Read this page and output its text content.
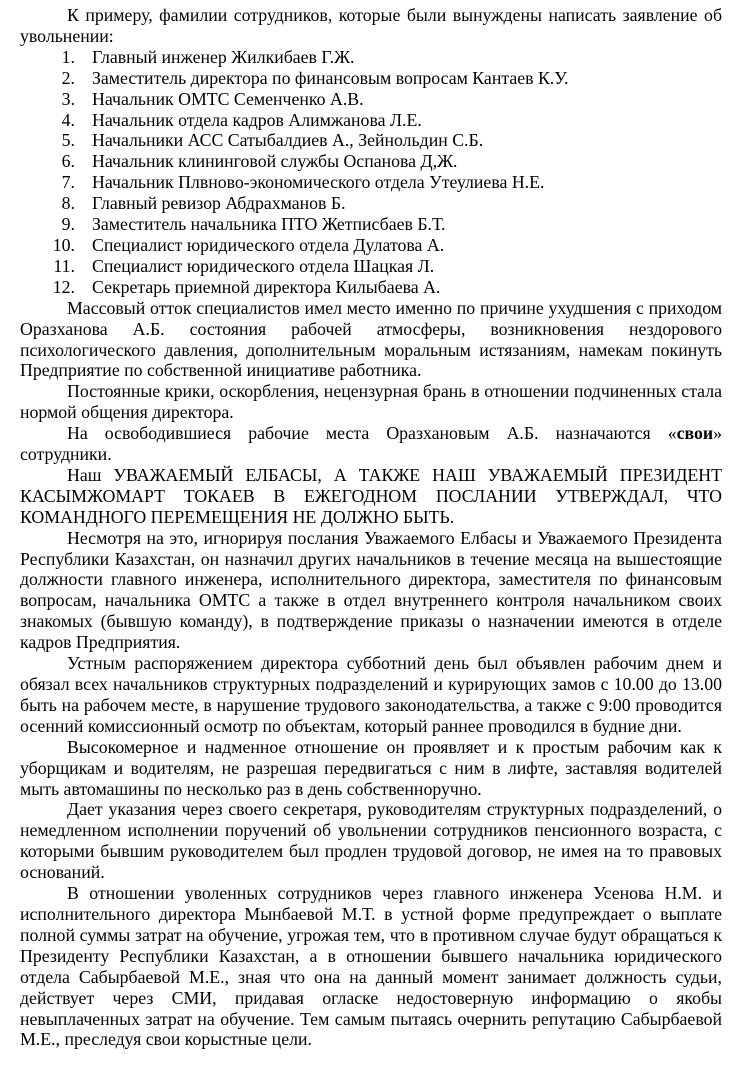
К примеру, фамилии сотрудников, которые были вынуждены написать заявление об увольнении:

1. Главный инженер Жилкибаев Г.Ж.
2. Заместитель директора по финансовым вопросам Кантаев К.У.
3. Начальник ОМТС Семенченко А.В.
4. Начальник отдела кадров Алимжанова Л.Е.
5. Начальники АСС Сатыбалдиев А., Зейнольдин С.Б.
6. Начальник клининговой службы Оспанова Д,Ж.
7. Начальник Плвново-экономического отдела Утеулиева Н.Е.
8. Главный ревизор Абдрахманов Б.
9. Заместитель начальника ПТО Жетписбаев Б.Т.
10. Специалист юридического отдела Дулатова А.
11. Специалист юридического отдела Шацкая Л.
12. Секретарь приемной директора Килыбаева А.

Массовый отток специалистов имел место именно по причине ухудшения с приходом Оразханова А.Б. состояния рабочей атмосферы, возникновения нездорового психологического давления, дополнительным моральным истязаниям, намекам покинуть Предприятие по собственной инициативе работника.

Постоянные крики, оскорбления, нецензурная брань в отношении подчиненных стала нормой общения директора.

На освободившиеся рабочие места Оразхановым А.Б. назначаются «свои» сотрудники.

Наш УВАЖАЕМЫЙ ЕЛБАСЫ, А ТАКЖЕ НАШ УВАЖАЕМЫЙ ПРЕЗИДЕНТ КАСЫМЖОМАРТ ТОКАЕВ В ЕЖЕГОДНОМ ПОСЛАНИИ УТВЕРЖДАЛ, ЧТО КОМАНДНОГО ПЕРЕМЕЩЕНИЯ НЕ ДОЛЖНО БЫТЬ.

Несмотря на это, игнорируя послания Уважаемого Елбасы и Уважаемого Президента Республики Казахстан, он назначил других начальников в течение месяца на вышестоящие должности главного инженера, исполнительного директора, заместителя по финансовым вопросам, начальника ОМТС а также в отдел внутреннего контроля начальником своих знакомых (бывшую команду), в подтверждение приказы о назначении имеются в отделе кадров Предприятия.

Устным распоряжением директора субботний день был объявлен рабочим днем и обязал всех начальников структурных подразделений и курирующих замов с 10.00 до 13.00 быть на рабочем месте, в нарушение трудового законодательства, а также с 9:00 проводится осенний комиссионный осмотр по объектам, который раннее проводился в будние дни.

Высокомерное и надменное отношение он проявляет и к простым рабочим как к уборщикам и водителям, не разрешая передвигаться с ним в лифте, заставляя водителей мыть автомашины по несколько раз в день собственноручно.

Дает указания через своего секретаря, руководителям структурных подразделений, о немедленном исполнении поручений об увольнении сотрудников пенсионного возраста, с которыми бывшим руководителем был продлен трудовой договор, не имея на то правовых оснований.

В отношении уволенных сотрудников через главного инженера Усенова Н.М. и исполнительного директора Мынбаевой М.Т. в устной форме предупреждает о выплате полной суммы затрат на обучение, угрожая тем, что в противном случае будут обращаться к Президенту Республики Казахстан, а в отношении бывшего начальника юридического отдела Сабырбаевой М.Е., зная что она на данный момент занимает должность судьи, действует через СМИ, придавая огласке недостоверную информацию о якобы невыплаченных затрат на обучение. Тем самым пытаясь очернить репутацию Сабырбаевой М.Е., преследуя свои корыстные цели.
